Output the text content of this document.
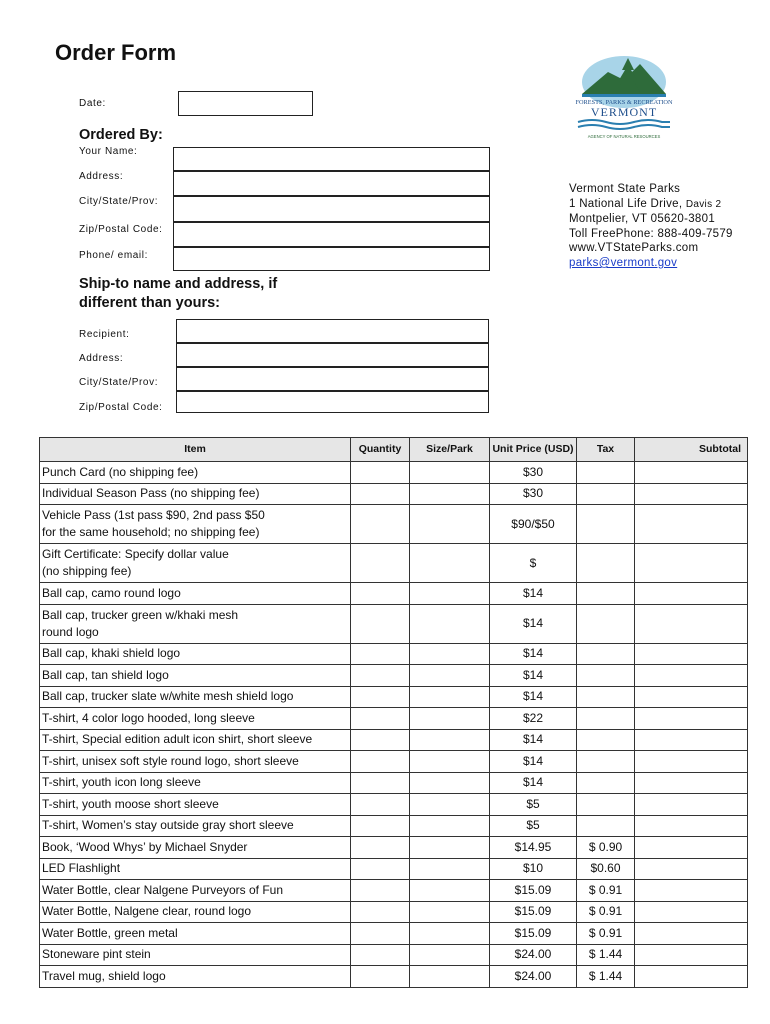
Order Form
Date:
Ordered By:
Your Name:
Address:
City/State/Prov:
Zip/Postal Code:
Phone/ email:
Ship-to name and address, if
different than yours:
Recipient:
Address:
City/State/Prov:
Zip/Postal Code:
FORESTS, PARKS & RECREATION
VERMONT
AGENCY OF NATURAL RESOURCES
Vermont State Parks
1 National Life Drive, Davis 2
Montpelier, VT 05620-3801
Toll FreePhone: 888-409-7579
www.VTStateParks.com
parks@vermont.gov
Item	Quantity	Size/Park	Unit Price (USD)	Tax	Subtotal
Punch Card (no shipping fee)			$30		
Individual Season Pass (no shipping fee)			$30		
Vehicle Pass (1st pass $90, 2nd pass $50
for the same household; no shipping fee)			$90/$50		
Gift Certificate: Specify dollar value
(no shipping fee)			$		
Ball cap, camo round logo			$14		
Ball cap, trucker green w/khaki mesh
round logo			$14		
Ball cap, khaki shield logo			$14		
Ball cap, tan shield logo			$14		
Ball cap, trucker slate w/white mesh shield logo			$14		
T-shirt, 4 color logo hooded, long sleeve			$22		
T-shirt, Special edition adult icon shirt, short sleeve			$14		
T-shirt, unisex soft style round logo, short sleeve			$14		
T-shirt, youth icon long sleeve			$14		
T-shirt, youth moose short sleeve			$5		
T-shirt, Women’s stay outside gray short sleeve			$5		
Book, ‘Wood Whys’ by Michael Snyder			$14.95	$ 0.90	
LED Flashlight			$10	$0.60	
Water Bottle, clear Nalgene Purveyors of Fun			$15.09	$ 0.91	
Water Bottle, Nalgene clear, round logo			$15.09	$ 0.91	
Water Bottle, green metal			$15.09	$ 0.91	
Stoneware pint stein			$24.00	$ 1.44	
Travel mug, shield logo			$24.00	$ 1.44	
